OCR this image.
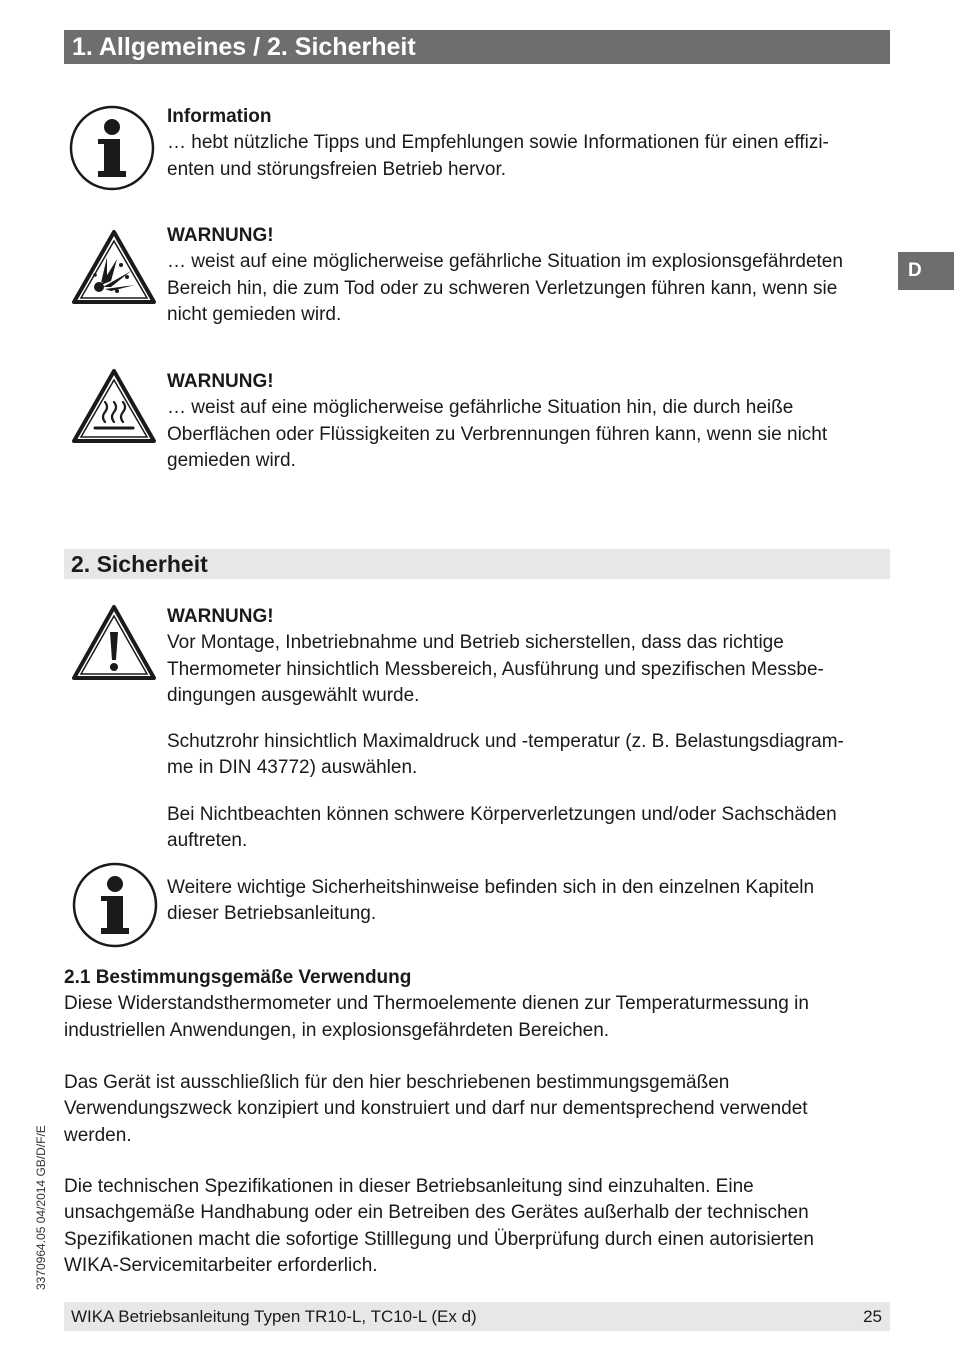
1. Allgemeines / 2. Sicherheit
D

Information

… hebt nützliche Tipps und Empfehlungen sowie Informationen für einen effizi-

enten und störungsfreien Betrieb hervor.

WARNUNG!

… weist auf eine möglicherweise gefährliche Situation im explosionsgefährdeten

Bereich hin, die zum Tod oder zu schweren Verletzungen führen kann, wenn sie

nicht gemieden wird.

WARNUNG!

… weist auf eine möglicherweise gefährliche Situation hin, die durch heiße

Oberflächen oder Flüssigkeiten zu Verbrennungen führen kann, wenn sie nicht

gemieden wird.

2. Sicherheit

WARNUNG!

Vor Montage, Inbetriebnahme und Betrieb sicherstellen, dass das richtige

Thermometer hinsichtlich Messbereich, Ausführung und spezifischen Messbe-

dingungen ausgewählt wurde.

Schutzrohr hinsichtlich Maximaldruck und -temperatur (z. B. Belastungsdiagram-

me in DIN 43772) auswählen.

Bei Nichtbeachten können schwere Körperverletzungen und/oder Sachschäden

auftreten.

Weitere wichtige Sicherheitshinweise befinden sich in den einzelnen Kapiteln

dieser Betriebsanleitung.

2.1 Bestimmungsgemäße Verwendung

Diese Widerstandsthermometer und Thermoelemente dienen zur Temperaturmessung in

industriellen Anwendungen, in explosionsgefährdeten Bereichen.

Das Gerät ist ausschließlich für den hier beschriebenen bestimmungsgemäßen

Verwendungszweck konzipiert und konstruiert und darf nur dementsprechend verwendet

werden.

Die technischen Spezifikationen in dieser Betriebsanleitung sind einzuhalten. Eine

unsachgemäße Handhabung oder ein Betreiben des Gerätes außerhalb der technischen

Spezifikationen macht die sofortige Stilllegung und Überprüfung durch einen autorisierten

WIKA-Servicemitarbeiter erforderlich.

3370964.05 04/2014 GB/D/F/E
WIKA Betriebsanleitung Typen TR10-L, TC10-L (Ex d)	25
